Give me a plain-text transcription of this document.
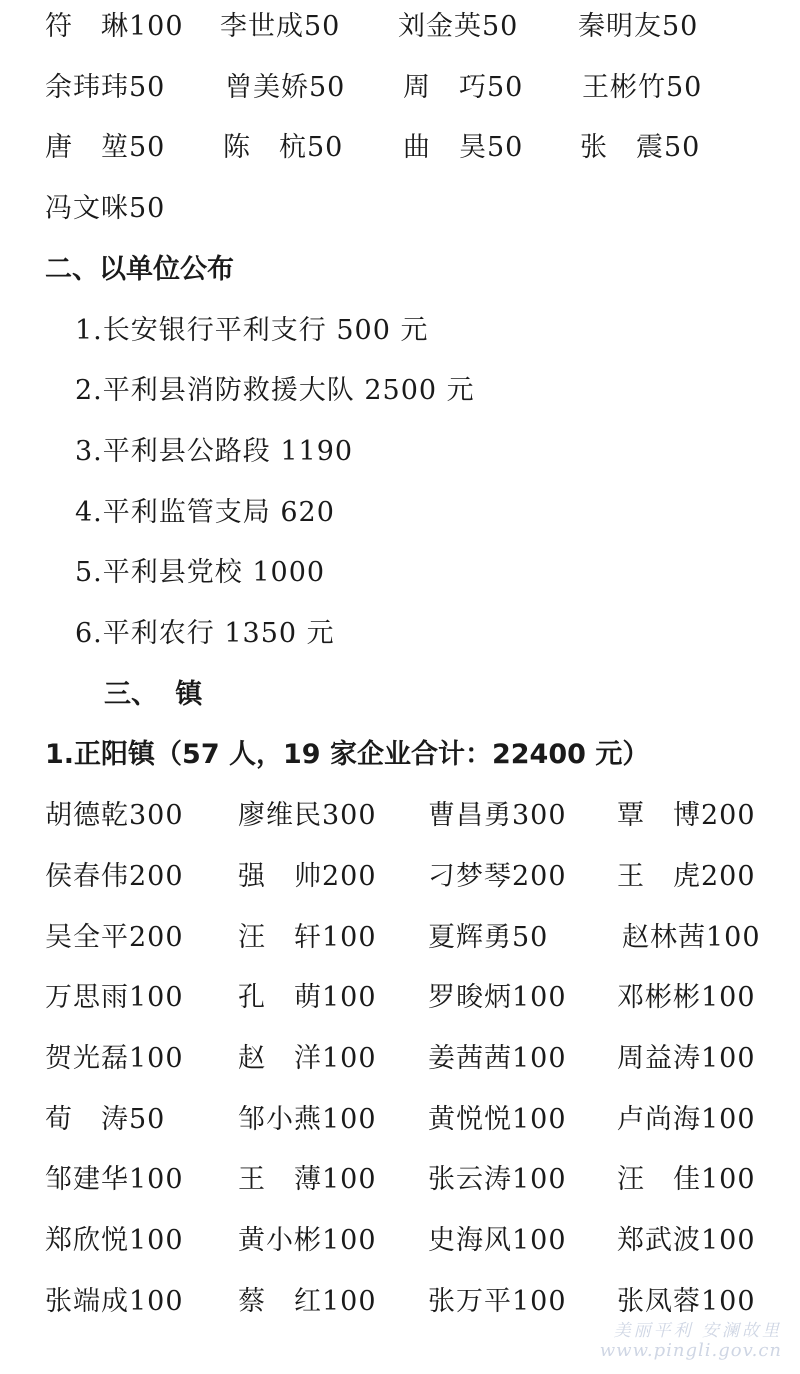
符　琳100 李世成50 刘金英50 秦明友50
余玮玮50 曾美娇50 周　巧50 王彬竹50
唐　堃50 陈　杭50 曲　昊50 张　震50
冯文咪50
二、以单位公布
1.长安银行平利支行 500 元
2.平利县消防救援大队 2500 元
3.平利县公路段 1190
4.平利监管支局 620
5.平利县党校 1000
6.平利农行 1350 元
三、 镇
1.正阳镇（57 人，19 家企业合计：22400 元）
胡德乾300 廖维民300 曹昌勇300 覃　博200
侯春伟200 强　帅200 刁梦琴200 王　虎200
吴全平200 汪　轩100 夏辉勇50	赵林茜100
万思雨100 孔　萌100 罗晙炳100 邓彬彬100
贺光磊100 赵　洋100 姜茜茜100 周益涛100
荀　涛50	邹小燕100 黄悦悦100 卢尚海100
邹建华100 王　薄100 张云涛100 汪　佳100
郑欣悦100 黄小彬100 史海风100 郑武波100
张端成100 蔡　红100 张万平100 张凤蓉100
美丽平利 安澜故里
www.pingli.gov.cn
